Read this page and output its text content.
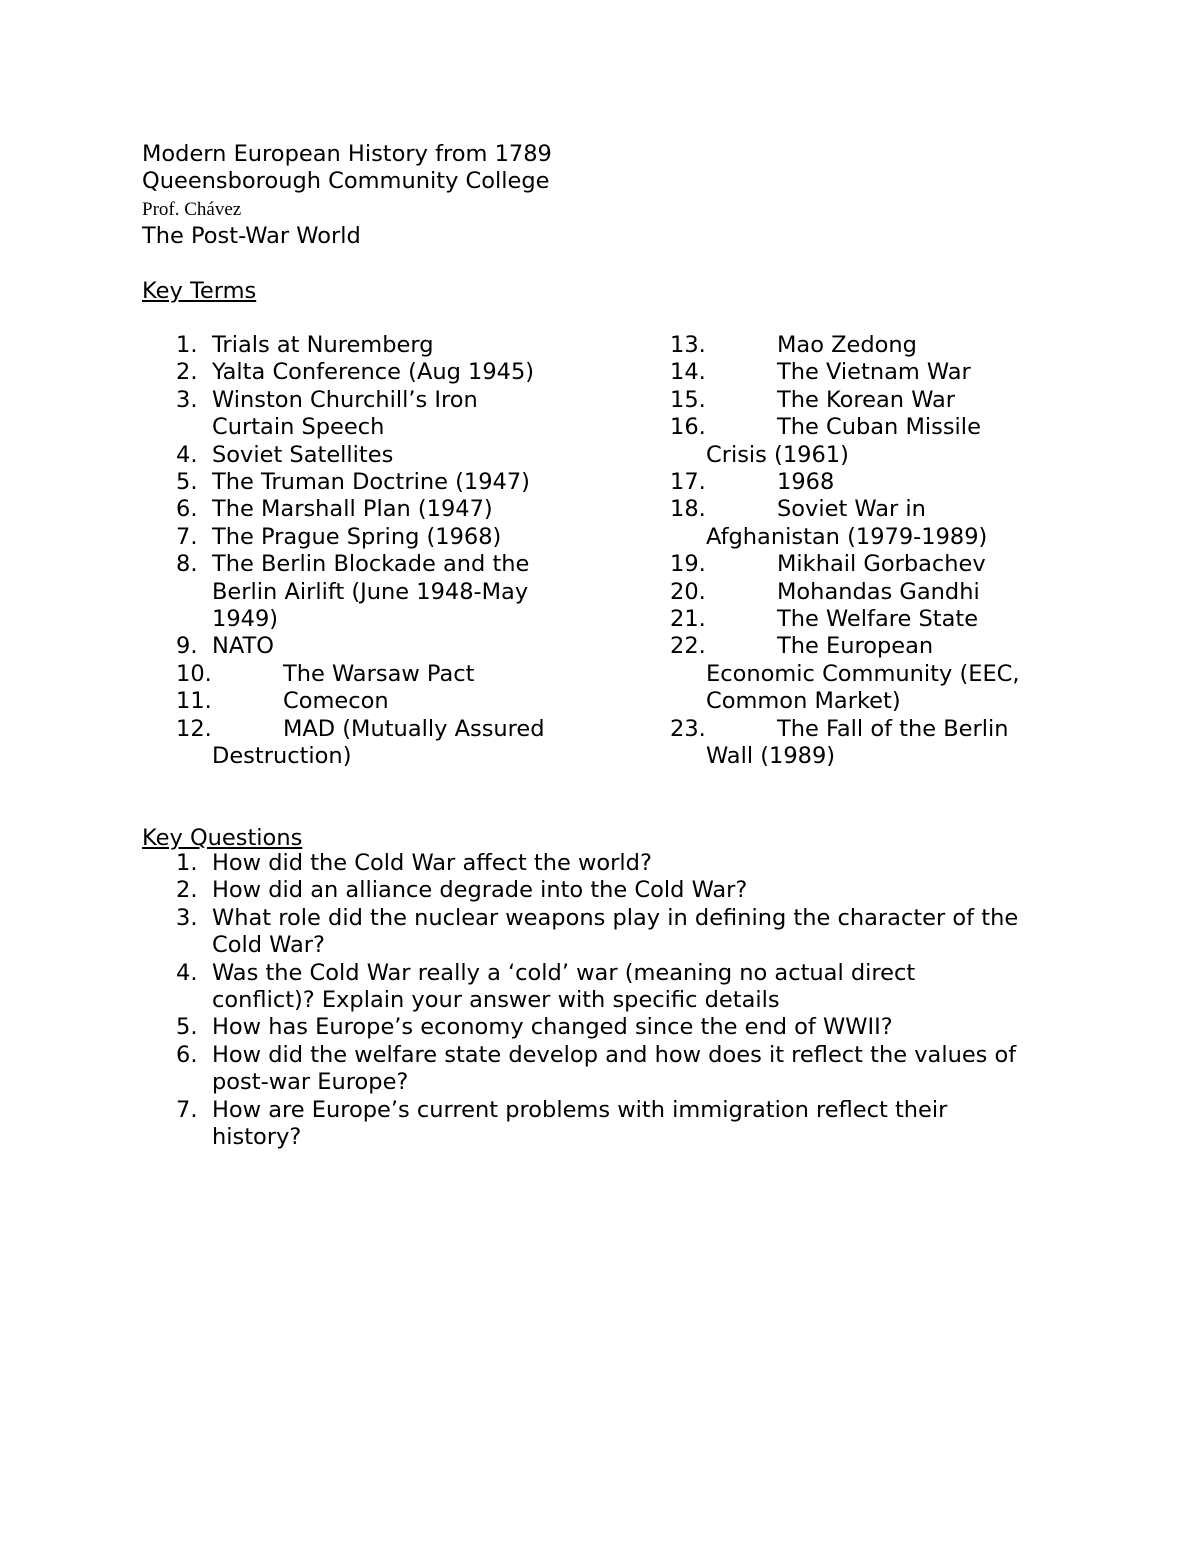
Modern European History from 1789
Queensborough Community College
Prof. Chávez
The Post-War World
Key Terms
1. Trials at Nuremberg
2. Yalta Conference (Aug 1945)
3. Winston Churchill’s Iron
Curtain Speech
4. Soviet Satellites
5. The Truman Doctrine (1947)
6. The Marshall Plan (1947)
7. The Prague Spring (1968)
8. The Berlin Blockade and the
Berlin Airlift (June 1948-May
1949)
9. NATO
10.	The Warsaw Pact
11.	Comecon
12.	MAD (Mutually Assured
Destruction)
13.	Mao Zedong
14.	The Vietnam War
15.	The Korean War
16.	The Cuban Missile
Crisis (1961)
17.	1968
18.	Soviet War in
Afghanistan (1979-1989)
19.	Mikhail Gorbachev
20.	Mohandas Gandhi
21.	The Welfare State
22.	The European
Economic Community (EEC,
Common Market)
23.	The Fall of the Berlin
Wall (1989)
Key Questions
1. How did the Cold War affect the world?
2. How did an alliance degrade into the Cold War?
3. What role did the nuclear weapons play in defining the character of the
Cold War?
4. Was the Cold War really a ‘cold’ war (meaning no actual direct
conflict)? Explain your answer with specific details
5. How has Europe’s economy changed since the end of WWII?
6. How did the welfare state develop and how does it reflect the values of
post-war Europe?
7. How are Europe’s current problems with immigration reflect their
history?
